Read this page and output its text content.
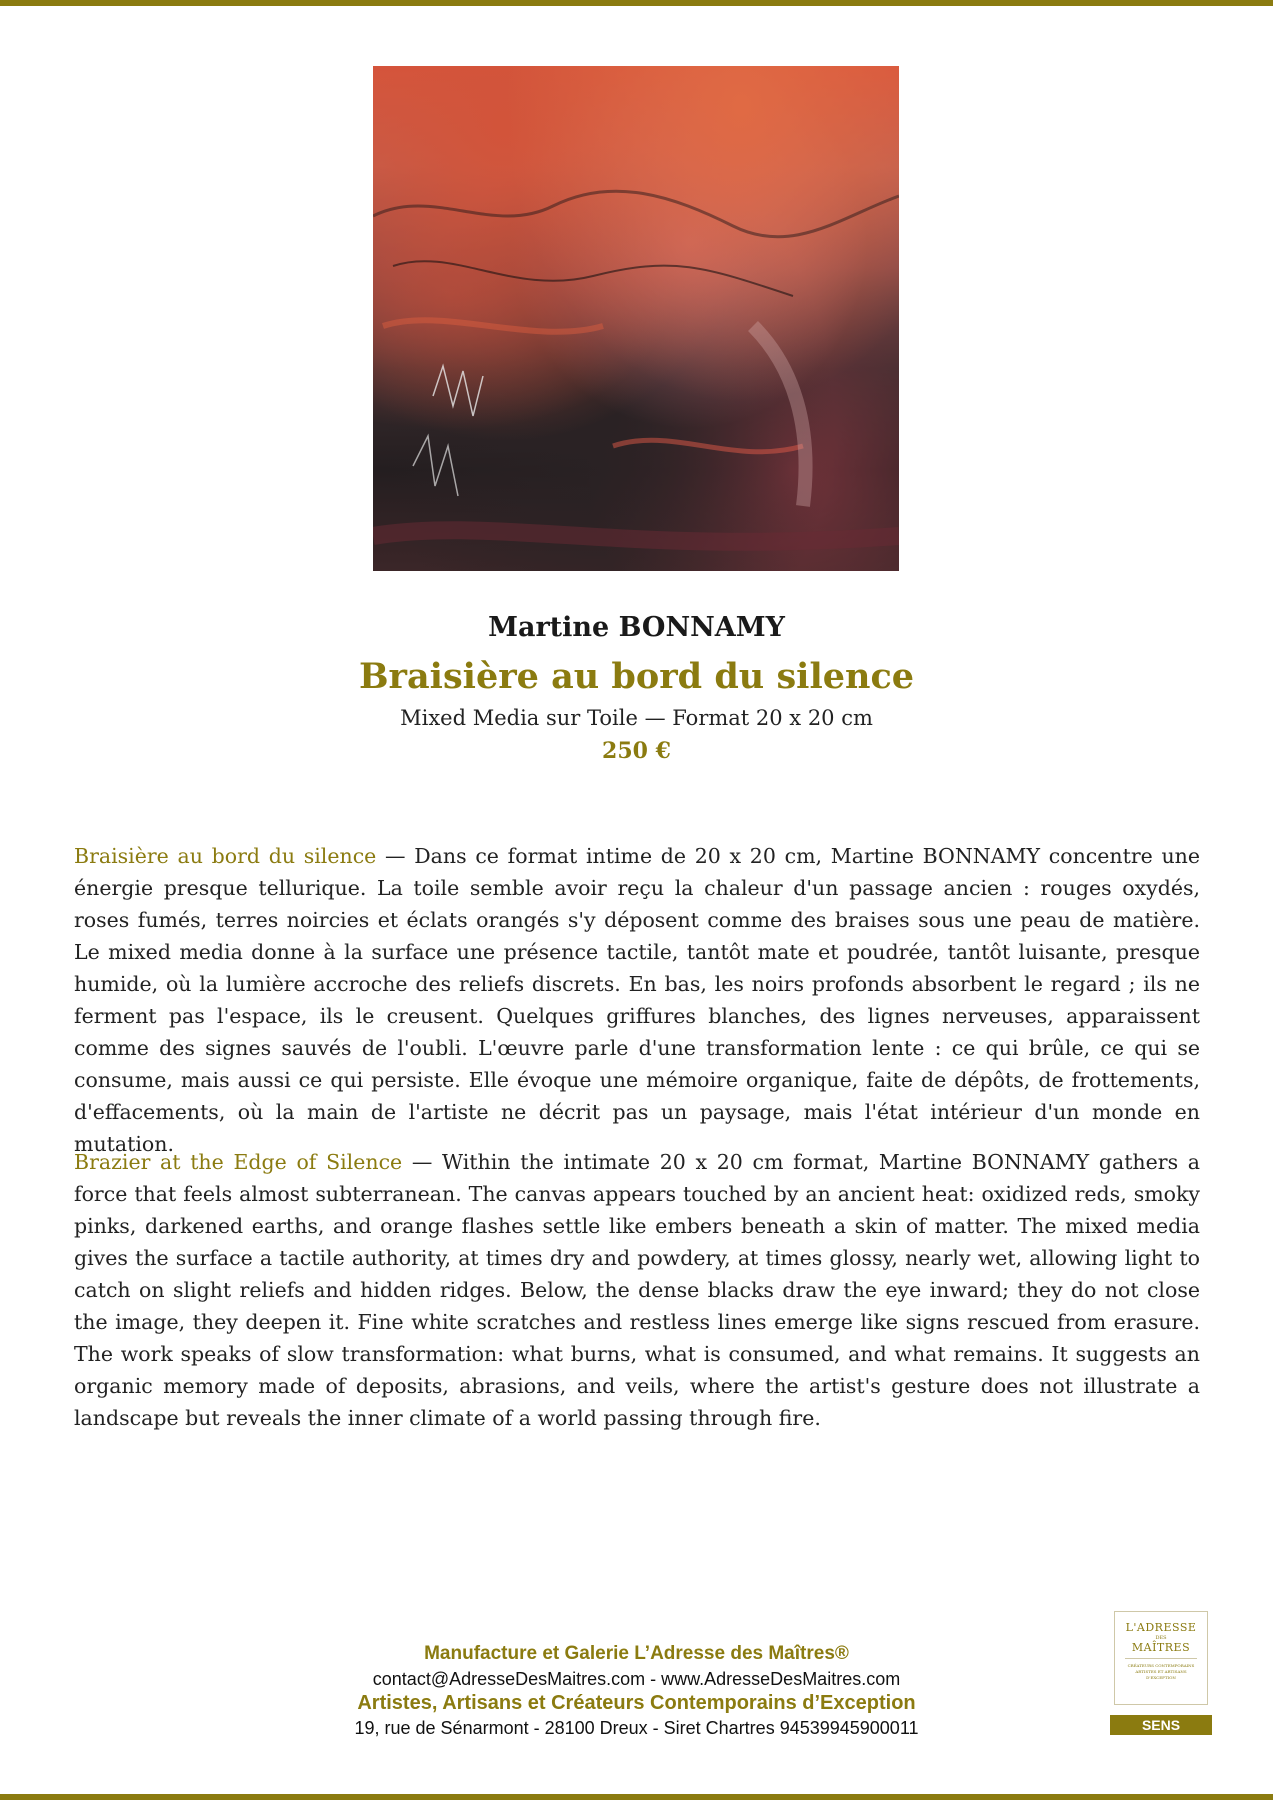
Martine BONNAMY
Braisière au bord du silence
Mixed Media sur Toile — Format 20 x 20 cm
250 €

Braisière au bord du silence — Dans ce format intime de 20 x 20 cm, Martine BONNAMY concentre une énergie presque tellurique. La toile semble avoir reçu la chaleur d'un passage ancien : rouges oxydés, roses fumés, terres noircies et éclats orangés s'y déposent comme des braises sous une peau de matière. Le mixed media donne à la surface une présence tactile, tantôt mate et poudrée, tantôt luisante, presque humide, où la lumière accroche des reliefs discrets. En bas, les noirs profonds absorbent le regard ; ils ne ferment pas l'espace, ils le creusent. Quelques griffures blanches, des lignes nerveuses, apparaissent comme des signes sauvés de l'oubli. L'œuvre parle d'une transformation lente : ce qui brûle, ce qui se consume, mais aussi ce qui persiste. Elle évoque une mémoire organique, faite de dépôts, de frottements, d'effacements, où la main de l'artiste ne décrit pas un paysage, mais l'état intérieur d'un monde en mutation.

Brazier at the Edge of Silence — Within the intimate 20 x 20 cm format, Martine BONNAMY gathers a force that feels almost subterranean. The canvas appears touched by an ancient heat: oxidized reds, smoky pinks, darkened earths, and orange flashes settle like embers beneath a skin of matter. The mixed media gives the surface a tactile authority, at times dry and powdery, at times glossy, nearly wet, allowing light to catch on slight reliefs and hidden ridges. Below, the dense blacks draw the eye inward; they do not close the image, they deepen it. Fine white scratches and restless lines emerge like signs rescued from erasure. The work speaks of slow transformation: what burns, what is consumed, and what remains. It suggests an organic memory made of deposits, abrasions, and veils, where the artist's gesture does not illustrate a landscape but reveals the inner climate of a world passing through fire.

Manufacture et Galerie L’Adresse des Maîtres®
contact@AdresseDesMaitres.com - www.AdresseDesMaitres.com
Artistes, Artisans et Créateurs Contemporains d’Exception
19, rue de Sénarmont - 28100 Dreux - Siret Chartres 94539945900011
L'ADRESSE
DES
MAÎTRES
CRÉATEURS CONTEMPORAINS ARTISTES ET ARTISANS D'EXCEPTION
SENS
